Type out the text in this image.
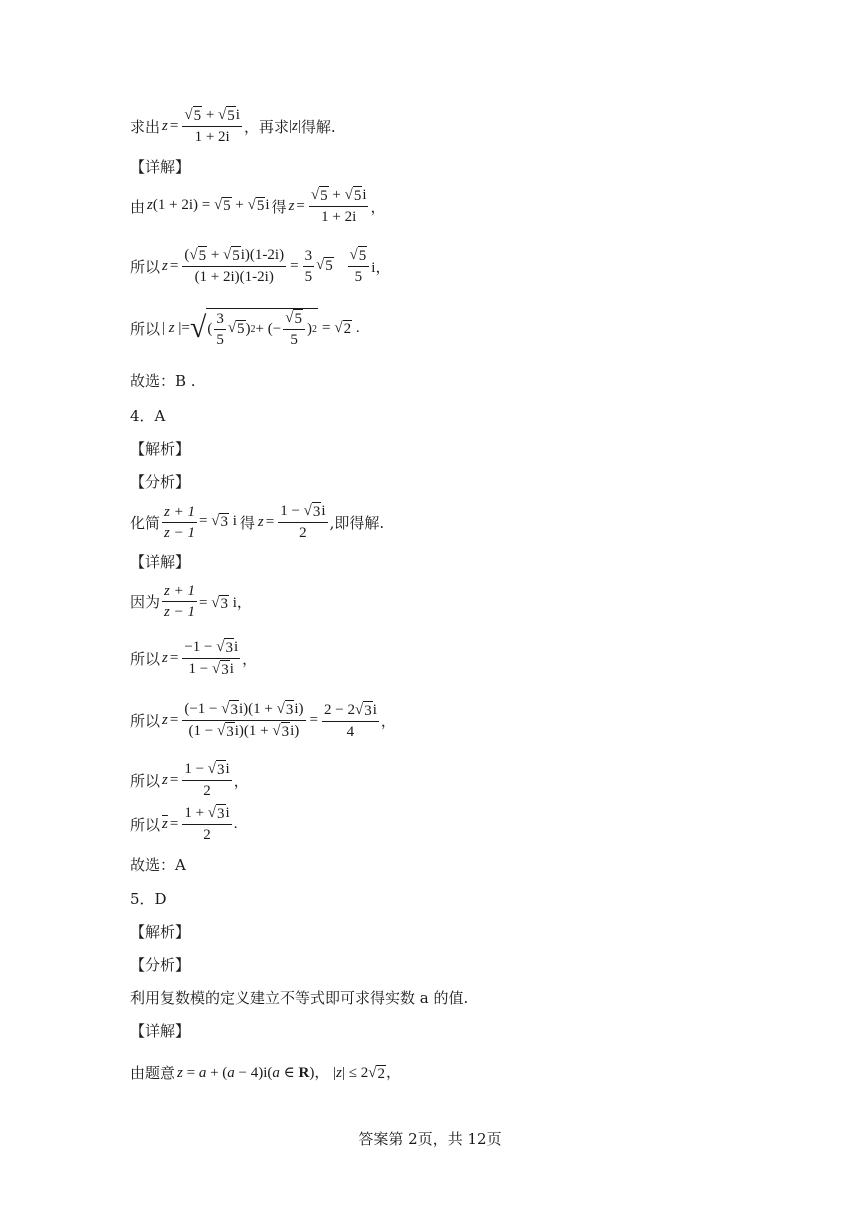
求出 $z = \frac{√ 5 + √ 5 i}{1 + 2i}$ ，再求 |z| 得解.
【详解】
由 z(1 + 2i) = √ 5 + √ 5 i 得 $z = \frac{√ 5 + √ 5 i}{1 + 2i}$ ，
所以 $z = \frac{( √ 5 + √ 5 i)(1-2i)}{(1 + 2i)(1-2i)} = \frac{3}{5}$ √ 5
$\frac{√ 5}{5}$ i，
所以 | z |= √ ( $\frac{3}{5}$ √ 5 ) 2 + (− $\frac{√ 5}{5}$ ) 2 = √ 2 .
故选：B .
4．A
【解析】
【分析】
化简 $\frac{z + 1}{z - 1}$ = √ 3 i 得 $z = \frac{1 - √ 3 i}{2}$ ,即得解.
【详解】
因为 $\frac{z + 1}{z - 1}$ = √ 3 i，
所以 $z = \frac{-1 - √ 3 i}{1 - √ 3 i}$ ，
所以 $z = \frac{(-1 - √ 3 i)(1 + √ 3 i)}{(1 - √ 3 i)(1 + √ 3 i)} = \frac{2 - 2 √ 3 i}{4}$ ，
所以 $z = \frac{1 - √ 3 i}{2}$ ，
所以 $\overline{z} = \frac{1 + √ 3 i}{2}$ .
故选：A
5．D
【解析】
【分析】
利用复数模的定义建立不等式即可求得实数 a 的值.
【详解】
由题意 z = a + (a − 4)i(a ∈ R)， |z| ≤ 2 √ 2 ，
答案第 2页，共 12页
